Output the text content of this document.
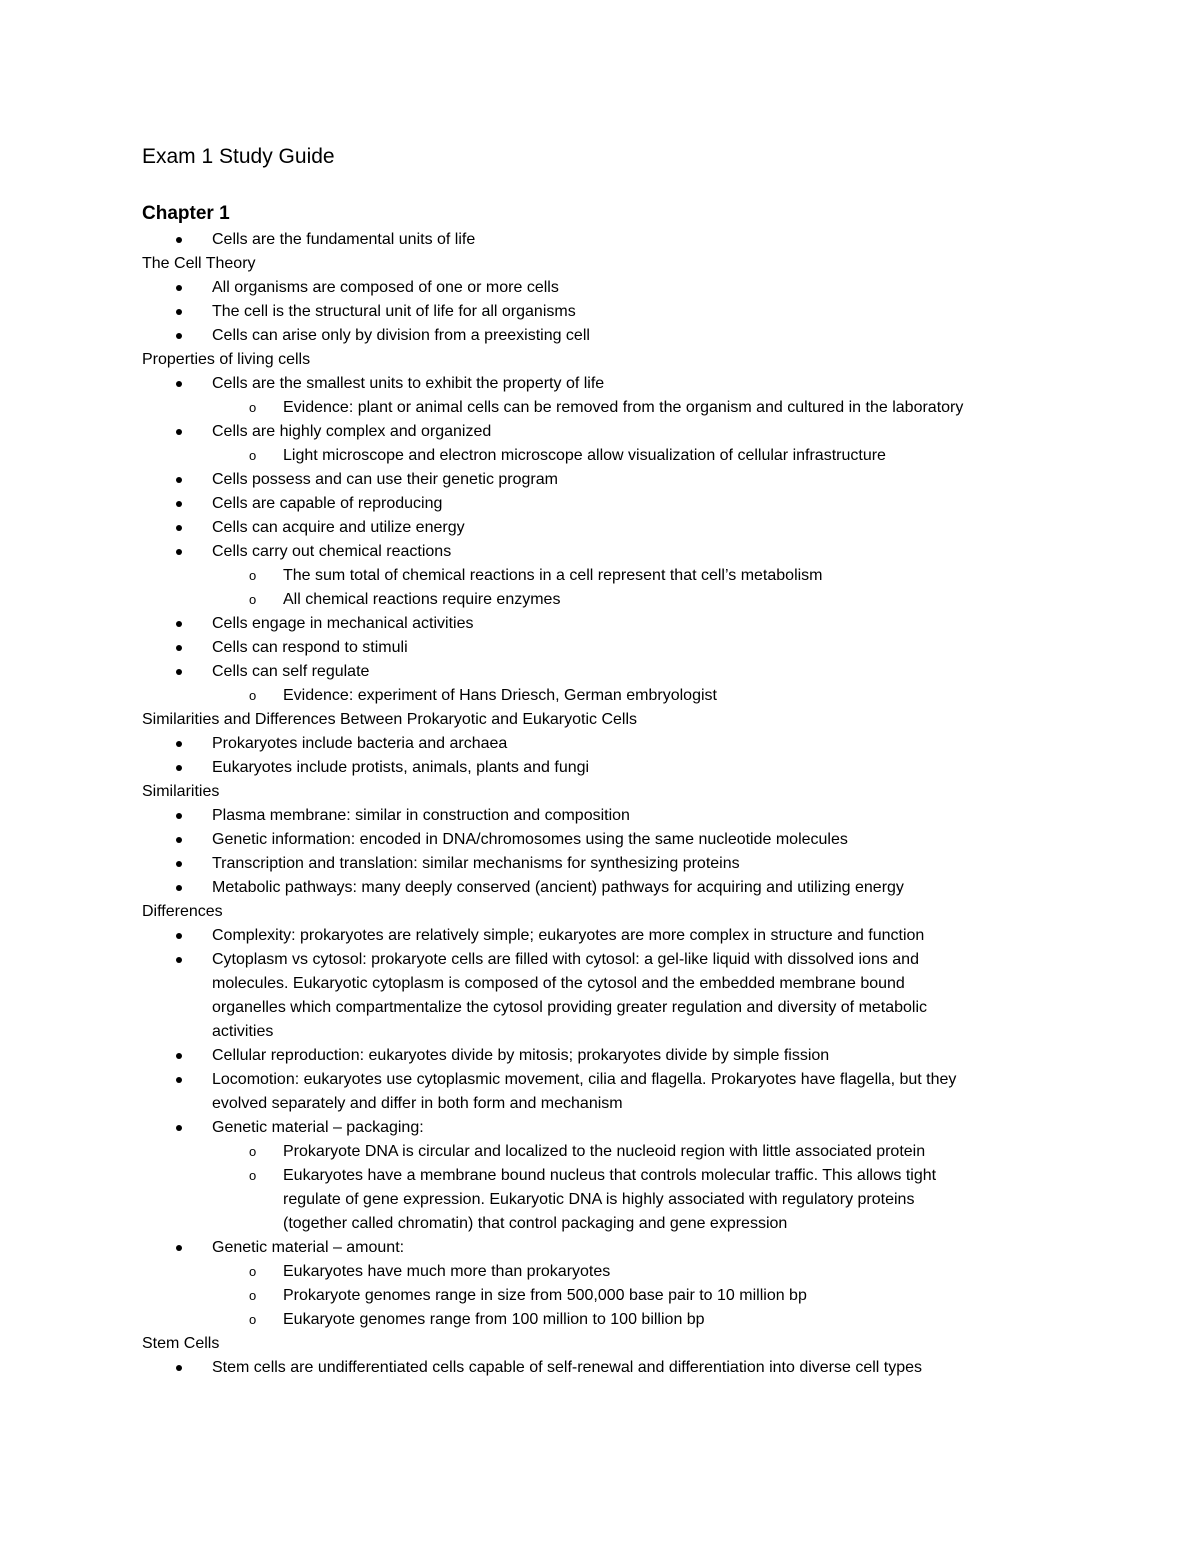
Exam 1 Study Guide
Chapter 1
Cells are the fundamental units of life
The Cell Theory
All organisms are composed of one or more cells
The cell is the structural unit of life for all organisms
Cells can arise only by division from a preexisting cell
Properties of living cells
Cells are the smallest units to exhibit the property of life
o Evidence: plant or animal cells can be removed from the organism and cultured in the laboratory
Cells are highly complex and organized
o Light microscope and electron microscope allow visualization of cellular infrastructure
Cells possess and can use their genetic program
Cells are capable of reproducing
Cells can acquire and utilize energy
Cells carry out chemical reactions
o The sum total of chemical reactions in a cell represent that cell’s metabolism
o All chemical reactions require enzymes
Cells engage in mechanical activities
Cells can respond to stimuli
Cells can self regulate
o Evidence: experiment of Hans Driesch, German embryologist
Similarities and Differences Between Prokaryotic and Eukaryotic Cells
Prokaryotes include bacteria and archaea
Eukaryotes include protists, animals, plants and fungi
Similarities
Plasma membrane: similar in construction and composition
Genetic information: encoded in DNA/chromosomes using the same nucleotide molecules
Transcription and translation: similar mechanisms for synthesizing proteins
Metabolic pathways: many deeply conserved (ancient) pathways for acquiring and utilizing energy
Differences
Complexity: prokaryotes are relatively simple; eukaryotes are more complex in structure and function
Cytoplasm vs cytosol: prokaryote cells are filled with cytosol: a gel-like liquid with dissolved ions and
molecules. Eukaryotic cytoplasm is composed of the cytosol and the embedded membrane bound
organelles which compartmentalize the cytosol providing greater regulation and diversity of metabolic
activities
Cellular reproduction: eukaryotes divide by mitosis; prokaryotes divide by simple fission
Locomotion: eukaryotes use cytoplasmic movement, cilia and flagella. Prokaryotes have flagella, but they
evolved separately and differ in both form and mechanism
Genetic material – packaging:
o Prokaryote DNA is circular and localized to the nucleoid region with little associated protein
o Eukaryotes have a membrane bound nucleus that controls molecular traffic. This allows tight
regulate of gene expression. Eukaryotic DNA is highly associated with regulatory proteins
(together called chromatin) that control packaging and gene expression
Genetic material – amount:
o Eukaryotes have much more than prokaryotes
o Prokaryote genomes range in size from 500,000 base pair to 10 million bp
o Eukaryote genomes range from 100 million to 100 billion bp
Stem Cells
Stem cells are undifferentiated cells capable of self-renewal and differentiation into diverse cell types
